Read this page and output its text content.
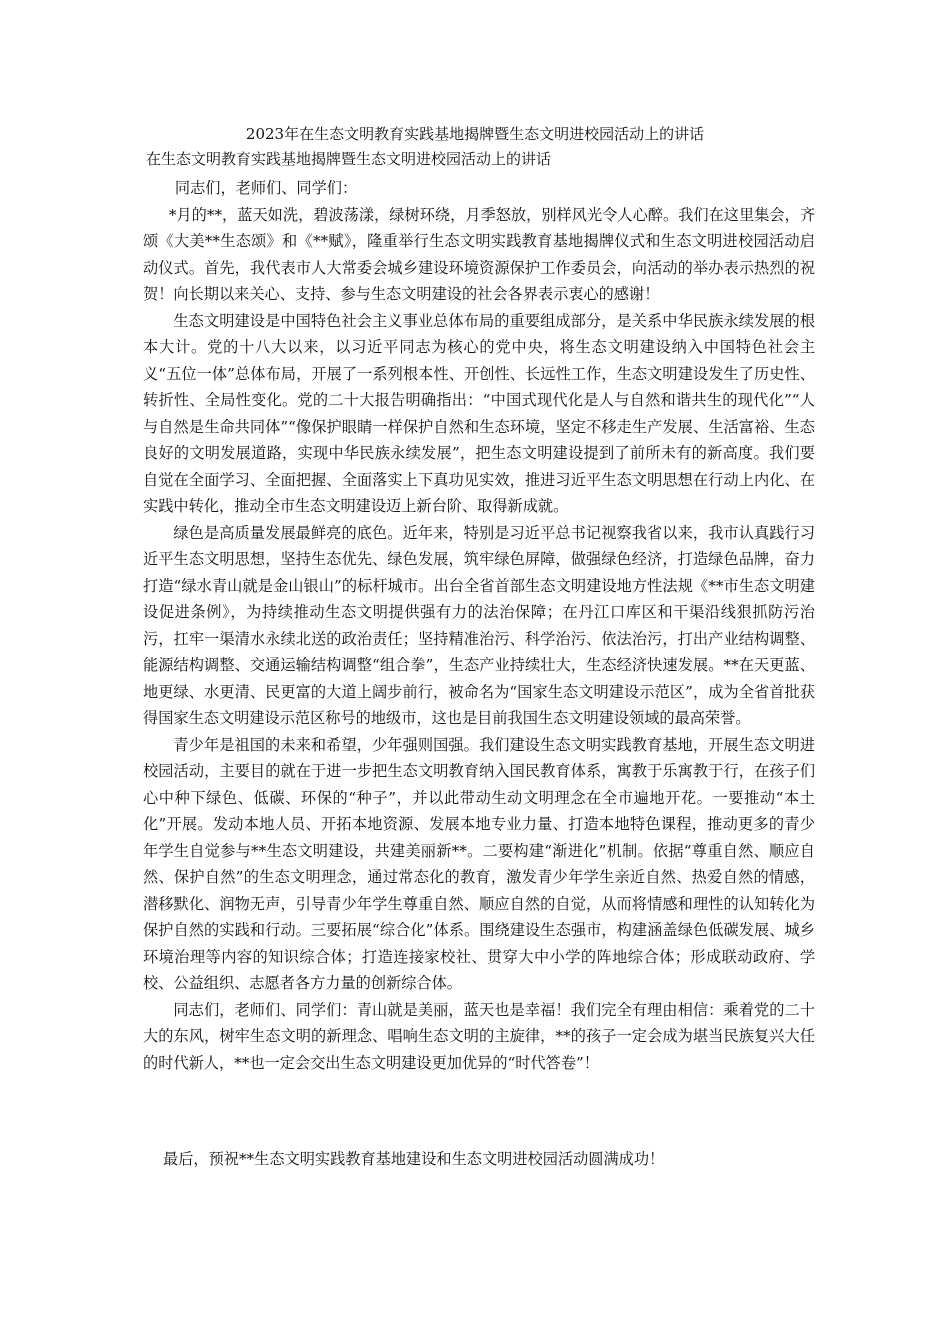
2023年在生态文明教育实践基地揭牌暨生态文明进校园活动上的讲话
在生态文明教育实践基地揭牌暨生态文明进校园活动上的讲话

同志们，老师们、同学们：

*月的**，蓝天如洗，碧波荡漾，绿树环绕，月季怒放，别样风光令人心醉。我们在这里集会，齐颂《大美**生态颂》和《**赋》，隆重举行生态文明实践教育基地揭牌仪式和生态文明进校园活动启动仪式。首先，我代表市人大常委会城乡建设环境资源保护工作委员会，向活动的举办表示热烈的祝贺！向长期以来关心、支持、参与生态文明建设的社会各界表示衷心的感谢！

生态文明建设是中国特色社会主义事业总体布局的重要组成部分，是关系中华民族永续发展的根本大计。党的十八大以来，以习近平同志为核心的党中央，将生态文明建设纳入中国特色社会主义“五位一体”总体布局，开展了一系列根本性、开创性、长远性工作，生态文明建设发生了历史性、转折性、全局性变化。党的二十大报告明确指出：“中国式现代化是人与自然和谐共生的现代化”“人与自然是生命共同体”“像保护眼睛一样保护自然和生态环境，坚定不移走生产发展、生活富裕、生态良好的文明发展道路，实现中华民族永续发展”，把生态文明建设提到了前所未有的新高度。我们要自觉在全面学习、全面把握、全面落实上下真功见实效，推进习近平生态文明思想在行动上内化、在实践中转化，推动全市生态文明建设迈上新台阶、取得新成就。

绿色是高质量发展最鲜亮的底色。近年来，特别是习近平总书记视察我省以来，我市认真践行习近平生态文明思想，坚持生态优先、绿色发展，筑牢绿色屏障，做强绿色经济，打造绿色品牌，奋力打造“绿水青山就是金山银山”的标杆城市。出台全省首部生态文明建设地方性法规《**市生态文明建设促进条例》，为持续推动生态文明提供强有力的法治保障；在丹江口库区和干渠沿线狠抓防污治污，扛牢一渠清水永续北送的政治责任；坚持精准治污、科学治污、依法治污，打出产业结构调整、能源结构调整、交通运输结构调整“组合拳”，生态产业持续壮大，生态经济快速发展。**在天更蓝、地更绿、水更清、民更富的大道上阔步前行，被命名为“国家生态文明建设示范区”，成为全省首批获得国家生态文明建设示范区称号的地级市，这也是目前我国生态文明建设领域的最高荣誉。

青少年是祖国的未来和希望，少年强则国强。我们建设生态文明实践教育基地，开展生态文明进校园活动，主要目的就在于进一步把生态文明教育纳入国民教育体系，寓教于乐寓教于行，在孩子们心中种下绿色、低碳、环保的“种子”，并以此带动生动文明理念在全市遍地开花。一要推动“本土化”开展。发动本地人员、开拓本地资源、发展本地专业力量、打造本地特色课程，推动更多的青少年学生自觉参与**生态文明建设，共建美丽新**。二要构建“渐进化”机制。依据“尊重自然、顺应自然、保护自然”的生态文明理念，通过常态化的教育，激发青少年学生亲近自然、热爱自然的情感，潜移默化、润物无声，引导青少年学生尊重自然、顺应自然的自觉，从而将情感和理性的认知转化为保护自然的实践和行动。三要拓展“综合化”体系。围绕建设生态强市，构建涵盖绿色低碳发展、城乡环境治理等内容的知识综合体；打造连接家校社、贯穿大中小学的阵地综合体；形成联动政府、学校、公益组织、志愿者各方力量的创新综合体。

同志们，老师们、同学们：青山就是美丽，蓝天也是幸福！我们完全有理由相信：乘着党的二十大的东风，树牢生态文明的新理念、唱响生态文明的主旋律，**的孩子一定会成为堪当民族复兴大任的时代新人，**也一定会交出生态文明建设更加优异的“时代答卷”！

最后，预祝**生态文明实践教育基地建设和生态文明进校园活动圆满成功！
